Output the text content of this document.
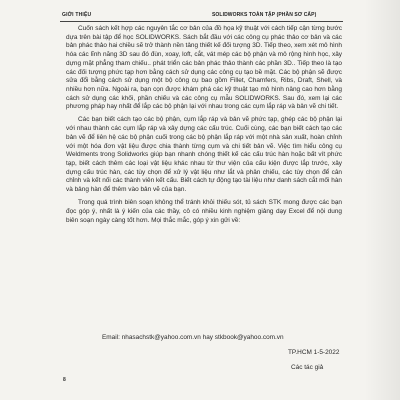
GIỚI THIỆU	SOLIDWORKS TOÀN TẬP (PHẦN SƠ CẤP)

Cuốn sách kết hợp các nguyên tắc cơ bản của đồ họa kỹ thuật với cách tiếp cận từng bước dựa trên bài tập để học SOLIDWORKS. Sách bắt đầu với các công cụ phác thảo cơ bản và các bản phác thảo hai chiều sẽ trở thành nền tảng thiết kế đối tượng 3D. Tiếp theo, xem xét mô hình hóa các lĩnh năng 3D sau đó đùn, xoay, loft, cắt, vát mép các bộ phận và mô rộng hình học, xây dựng mặt phẳng tham chiếu.. phát triển các bản phác thảo thành các phần 3D.. Tiếp theo là tạo các đối tượng phức tạp hơn bằng cách sử dụng các công cụ tạo bề mặt. Các bộ phận sẽ được sửa đổi bằng cách sử dụng một bộ công cụ bao gồm Fillet, Chamfers, Ribs, Draft, Shell, và nhiều hơn nữa. Ngoài ra, bạn cọn được khám phá các kỹ thuật tạo mô hình nâng cao hơn bằng cách sử dụng các khối, phần chiếu và các công cụ mẫu SOLIDWORKS. Sau đó, xem lại các phương pháp hay nhất để lắp các bộ phận lại với nhau trong các cụm lắp ráp và bản vẽ chi tiết.

Các bạn biết cách tạo các bộ phận, cụm lắp ráp và bản vẽ phức tạp, ghép các bộ phận lại với nhau thành các cụm lắp ráp và xây dựng các cấu trúc. Cuối cùng, các bạn biết cách tạo các bản vẽ để liên hệ các bộ phận cuối trong các bộ phận lắp ráp với một nhà sản xuất, hoàn chỉnh với một hóa đơn vật liệu được chia thành từng cụm và chi tiết bản vẽ. Việc tìm hiểu công cụ Weldments trong Solidworks giúp bạn nhanh chóng thiết kế các cấu trúc hàn hoặc bất vít phức tạp, biết cách thêm các loại vật liệu khác nhau từ thư viện của cấu kiện được lắp trước, xây dựng cấu trúc hàn, các tùy chọn để xử lý vật liệu như lắt và phân chiếu, các tùy chọn để cân chỉnh và kết nối các thành viên kết cấu. Biết cách tự động tạo tài liệu như danh sách cắt mối hàn và bảng hàn để thêm vào bản vẽ của bạn.

Trong quá trình biên soạn không thể tránh khỏi thiếu sót, tủ sách STK mong được các bạn đọc góp ý, nhất là ý kiến của các thầy, cô có nhiều kinh nghiệm giảng dạy Excel để nội dung biên soạn ngày càng tốt hơn. Mọi thắc mắc, góp ý xin gửi về:

Email: nhasachstk@yahoo.com.vn hay stkbook@yahoo.com.vn
TP.HCM 1-5-2022
Các tác giả
8
